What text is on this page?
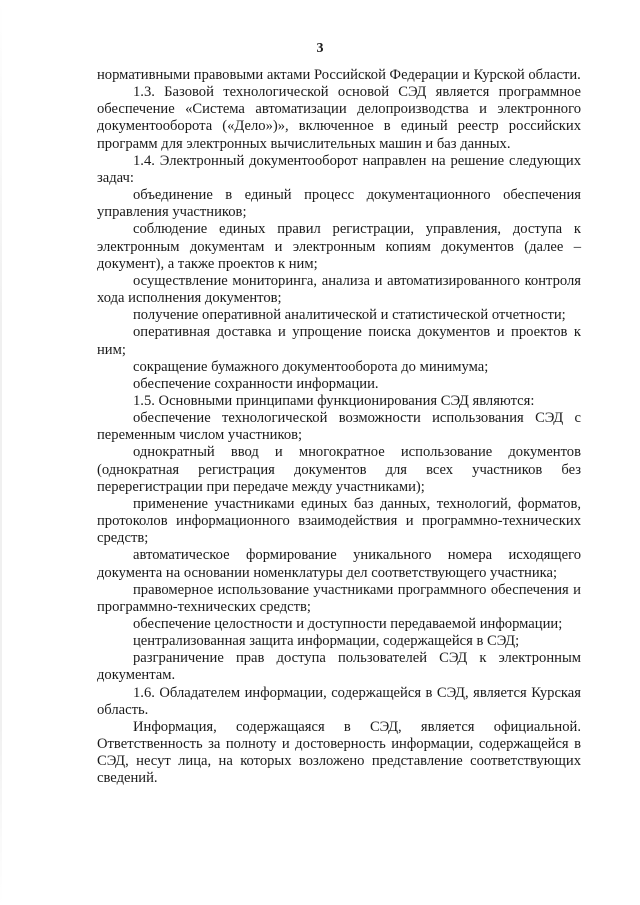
3

нормативными правовыми актами Российской Федерации и Курской области.

1.3. Базовой технологической основой СЭД является программное обеспечение «Система автоматизации делопроизводства и электронного документооборота («Дело»)», включенное в единый реестр российских программ для электронных вычислительных машин и баз данных.

1.4. Электронный документооборот направлен на решение следующих задач:

объединение в единый процесс документационного обеспечения управления участников;

соблюдение единых правил регистрации, управления, доступа к электронным документам и электронным копиям документов (далее – документ), а также проектов к ним;

осуществление мониторинга, анализа и автоматизированного контроля хода исполнения документов;

получение оперативной аналитической и статистической отчетности;

оперативная доставка и упрощение поиска документов и проектов к ним;

сокращение бумажного документооборота до минимума;

обеспечение сохранности информации.

1.5. Основными принципами функционирования СЭД являются:

обеспечение технологической возможности использования СЭД с переменным числом участников;

однократный ввод и многократное использование документов (однократная регистрация документов для всех участников без перерегистрации при передаче между участниками);

применение участниками единых баз данных, технологий, форматов, протоколов информационного взаимодействия и программно-технических средств;

автоматическое формирование уникального номера исходящего документа на основании номенклатуры дел соответствующего участника;

правомерное использование участниками программного обеспечения и программно-технических средств;

обеспечение целостности и доступности передаваемой информации;

централизованная защита информации, содержащейся в СЭД;

разграничение прав доступа пользователей СЭД к электронным документам.

1.6. Обладателем информации, содержащейся в СЭД, является Курская область.

Информация, содержащаяся в СЭД, является официальной. Ответственность за полноту и достоверность информации, содержащейся в СЭД, несут лица, на которых возложено представление соответствующих сведений.
